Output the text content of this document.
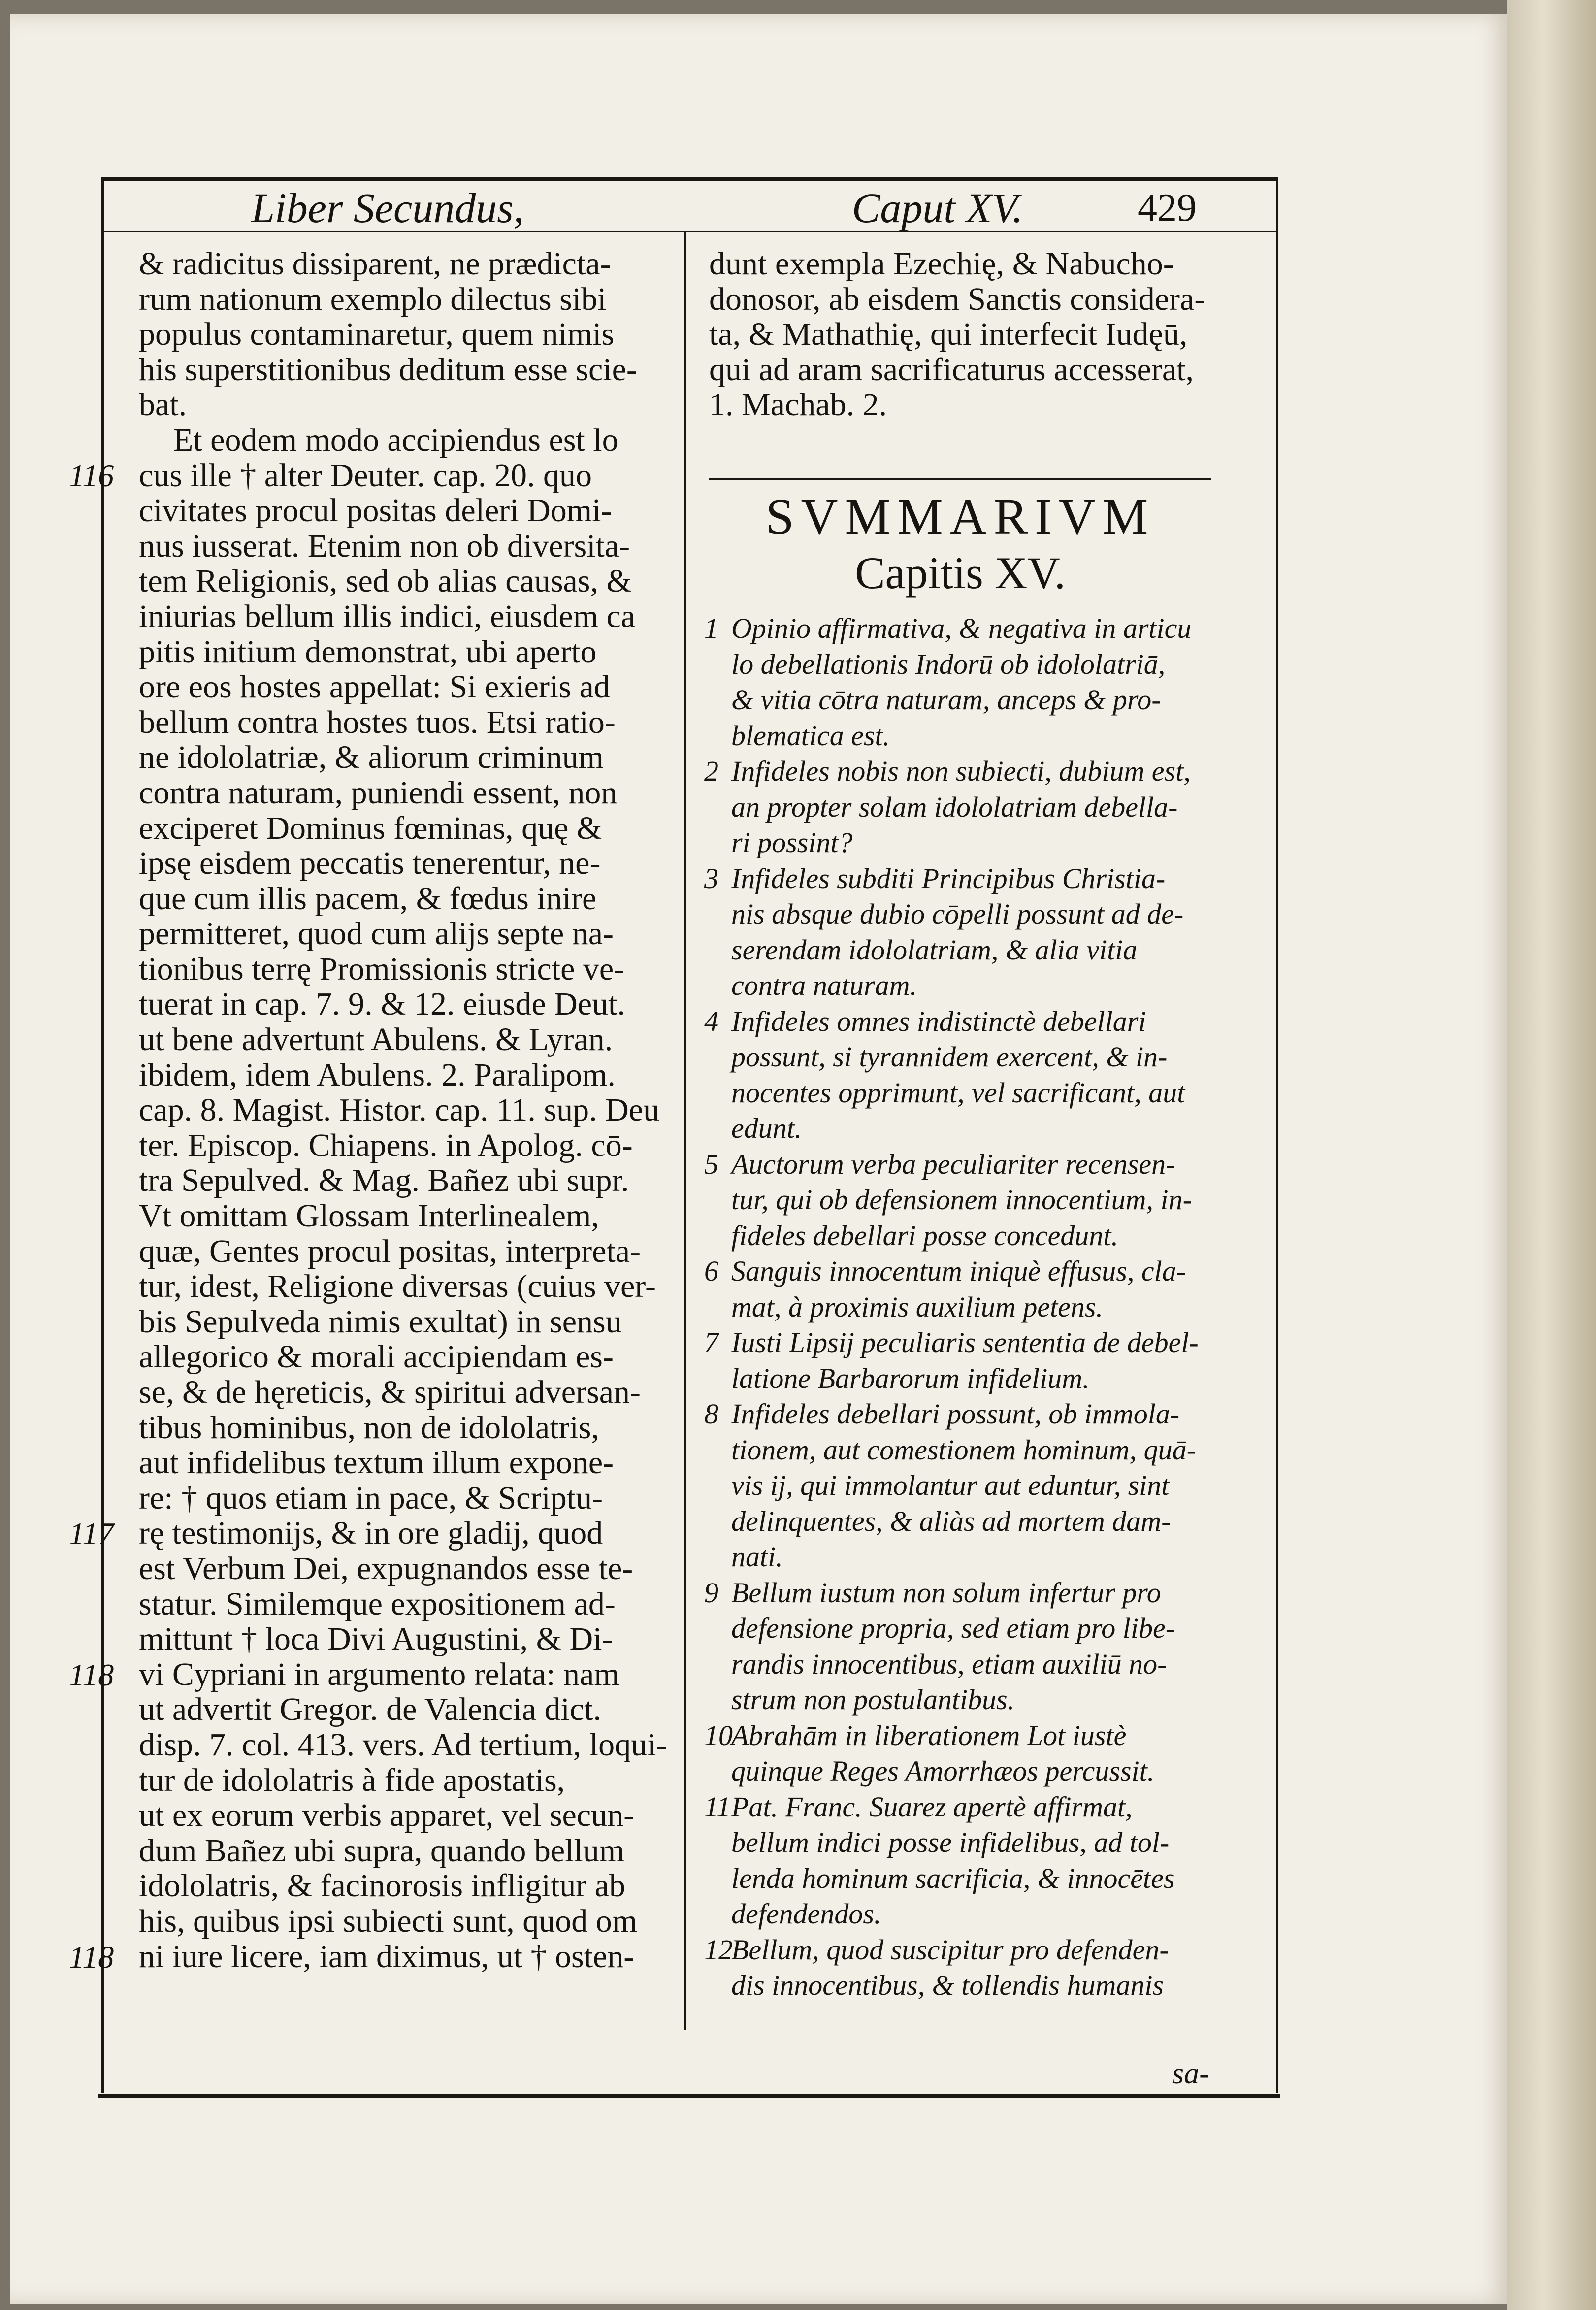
Liber Secundus,	Caput XV.	429
& radicitus dissiparent, ne prædicta-
rum nationum exemplo dilectus sibi
populus contaminaretur, quem nimis
his superstitionibus deditum esse scie-
bat.
Et eodem modo accipiendus est lo
cus ille † alter Deuter. cap. 20. quo
civitates procul positas deleri Domi-
nus iusserat. Etenim non ob diversita-
tem Religionis, sed ob alias causas, &
iniurias bellum illis indici, eiusdem ca
pitis initium demonstrat, ubi aperto
ore eos hostes appellat: Si exieris ad
bellum contra hostes tuos. Etsi ratio-
ne idololatriæ, & aliorum criminum
contra naturam, puniendi essent, non
exciperet Dominus fœminas, quę &
ipsę eisdem peccatis tenerentur, ne-
que cum illis pacem, & fœdus inire
permitteret, quod cum alijs septe na-
tionibus terrę Promissionis stricte ve-
tuerat in cap. 7. 9. & 12. eiusde Deut.
ut bene advertunt Abulens. & Lyran.
ibidem, idem Abulens. 2. Paralipom.
cap. 8. Magist. Histor. cap. 11. sup. Deu
ter. Episcop. Chiapens. in Apolog. cō-
tra Sepulved. & Mag. Bañez ubi supr.
Vt omittam Glossam Interlinealem,
quæ, Gentes procul positas, interpreta-
tur, idest, Religione diversas (cuius ver-
bis Sepulveda nimis exultat) in sensu
allegorico & morali accipiendam es-
se, & de hęreticis, & spiritui adversan-
tibus hominibus, non de idololatris,
aut infidelibus textum illum expone-
re: † quos etiam in pace, & Scriptu-
rę testimonijs, & in ore gladij, quod
est Verbum Dei, expugnandos esse te-
statur. Similemque expositionem ad-
mittunt † loca Divi Augustini, & Di-
vi Cypriani in argumento relata: nam
ut advertit Gregor. de Valencia dict.
disp. 7. col. 413. vers. Ad tertium, loqui-
tur de idololatris à fide apostatis,
ut ex eorum verbis apparet, vel secun-
dum Bañez ubi supra, quando bellum
idololatris, & facinorosis infligitur ab
his, quibus ipsi subiecti sunt, quod om
ni iure licere, iam diximus, ut † osten-
116
117
118
118
dunt exempla Ezechię, & Nabucho-
donosor, ab eisdem Sanctis considera-
ta, & Mathathię, qui interfecit Iudęū,
qui ad aram sacrificaturus accesserat,
1. Machab. 2.
SVMMARIVM
Capitis XV.
1 Opinio affirmativa, & negativa in articu
lo debellationis Indorū ob idololatriā,
& vitia cōtra naturam, anceps & pro-
blematica est.
2 Infideles nobis non subiecti, dubium est,
an propter solam idololatriam debella-
ri possint?
3 Infideles subditi Principibus Christia-
nis absque dubio cōpelli possunt ad de-
serendam idololatriam, & alia vitia
contra naturam.
4 Infideles omnes indistinctè debellari
possunt, si tyrannidem exercent, & in-
nocentes opprimunt, vel sacrificant, aut
edunt.
5 Auctorum verba peculiariter recensen-
tur, qui ob defensionem innocentium, in-
fideles debellari posse concedunt.
6 Sanguis innocentum iniquè effusus, cla-
mat, à proximis auxilium petens.
7 Iusti Lipsij peculiaris sententia de debel-
latione Barbarorum infidelium.
8 Infideles debellari possunt, ob immola-
tionem, aut comestionem hominum, quā-
vis ij, qui immolantur aut eduntur, sint
delinquentes, & aliàs ad mortem dam-
nati.
9 Bellum iustum non solum infertur pro
defensione propria, sed etiam pro libe-
randis innocentibus, etiam auxiliū no-
strum non postulantibus.
10
Abrahām in liberationem Lot iustè
quinque Reges Amorrhæos percussit.
11 Pat. Franc. Suarez apertè affirmat,
bellum indici posse infidelibus, ad tol-
lenda hominum sacrificia, & innocētes
defendendos.
12
Bellum, quod suscipitur pro defenden-
dis innocentibus, & tollendis humanis
sa-
